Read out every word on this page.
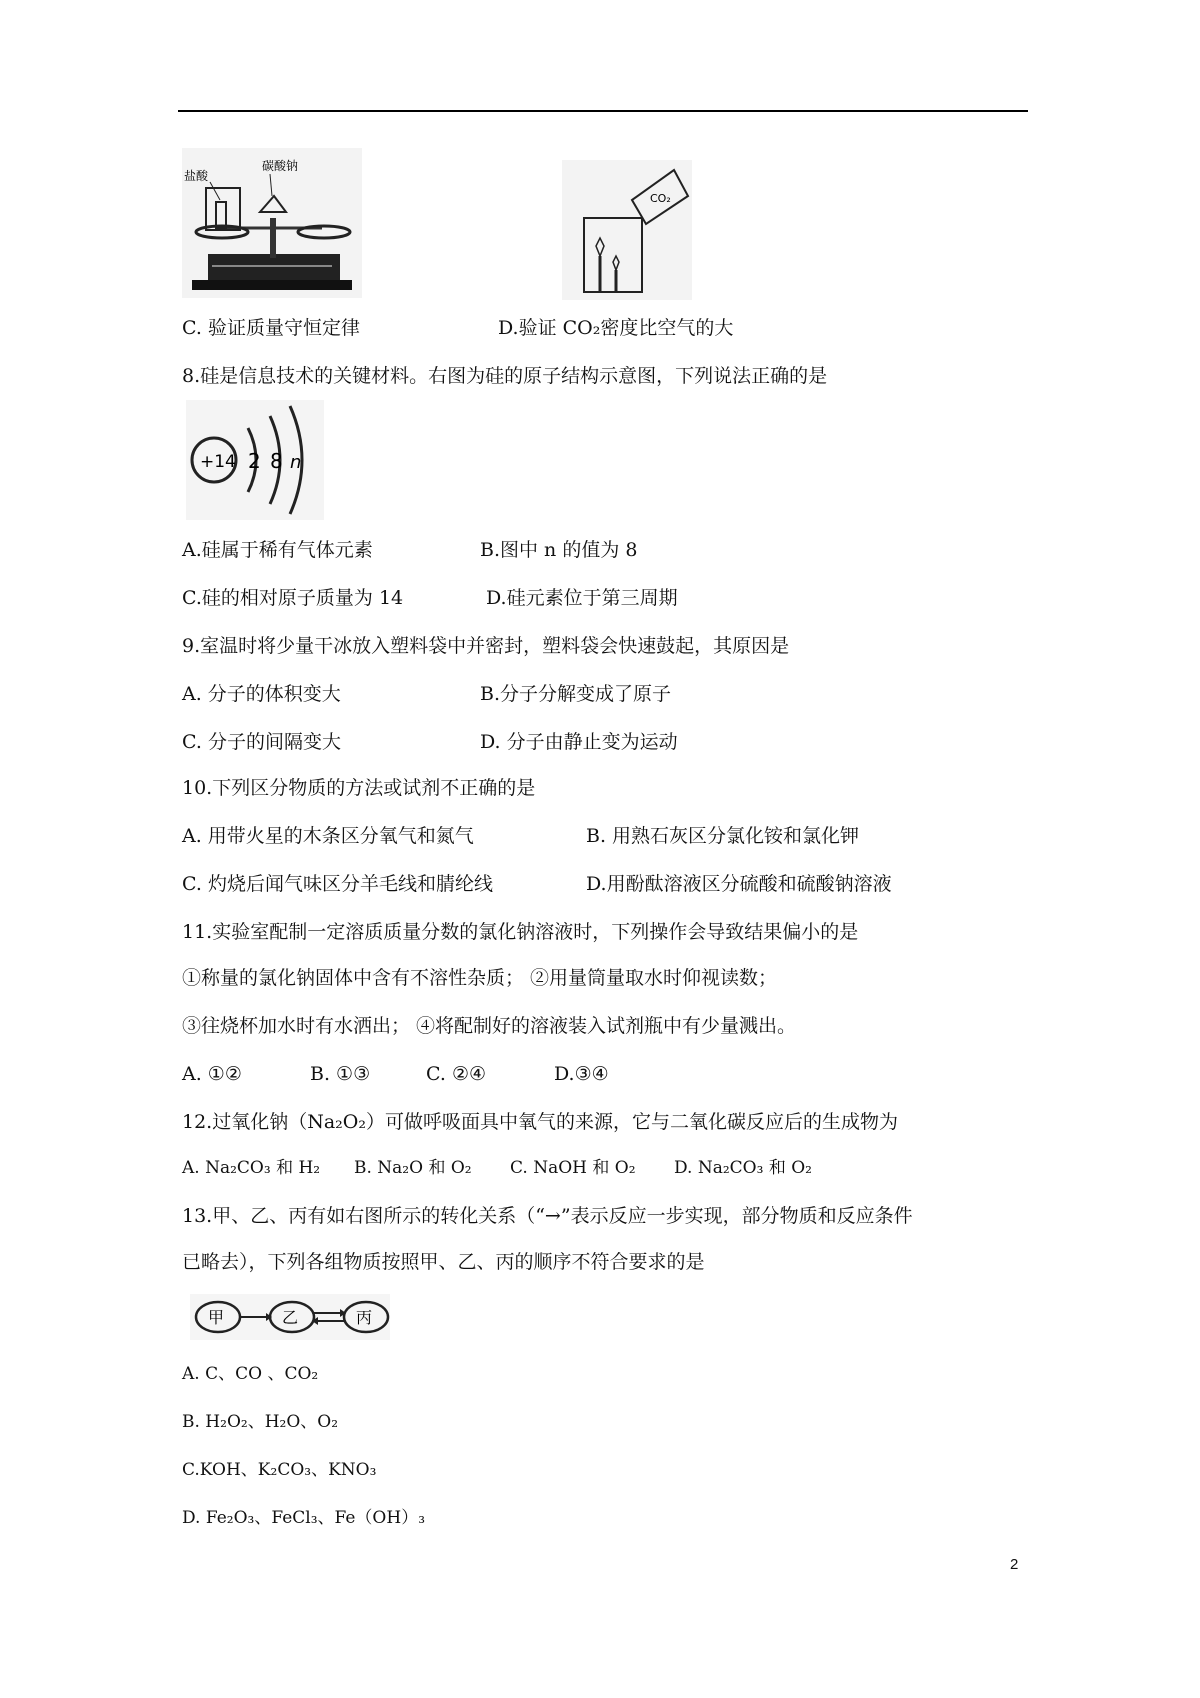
盐酸
碳酸钠
CO₂
C. 验证质量守恒定律	D.验证 CO₂密度比空气的大
8.硅是信息技术的关键材料。右图为硅的原子结构示意图，下列说法正确的是
+14 2 8 n
A.硅属于稀有气体元素	B.图中 n 的值为 8
C.硅的相对原子质量为 14	D.硅元素位于第三周期
9.室温时将少量干冰放入塑料袋中并密封，塑料袋会快速鼓起，其原因是
A. 分子的体积变大	B.分子分解变成了原子
C. 分子的间隔变大	D. 分子由静止变为运动
10.下列区分物质的方法或试剂不正确的是
A. 用带火星的木条区分氧气和氮气	B. 用熟石灰区分氯化铵和氯化钾
C. 灼烧后闻气味区分羊毛线和腈纶线	D.用酚酞溶液区分硫酸和硫酸钠溶液
11.实验室配制一定溶质质量分数的氯化钠溶液时，下列操作会导致结果偏小的是
①称量的氯化钠固体中含有不溶性杂质； ②用量筒量取水时仰视读数；
③往烧杯加水时有水洒出； ④将配制好的溶液装入试剂瓶中有少量溅出。
A. ①②	B. ①③	C. ②④	D.③④
12.过氧化钠（Na₂O₂）可做呼吸面具中氧气的来源，它与二氧化碳反应后的生成物为
A. Na₂CO₃ 和 H₂ B. Na₂O 和 O₂ C. NaOH 和 O₂ D. Na₂CO₃ 和 O₂
13.甲、乙、丙有如右图所示的转化关系（“→”表示反应一步实现，部分物质和反应条件
已略去），下列各组物质按照甲、乙、丙的顺序不符合要求的是
甲	乙	丙
A. C、CO 、CO₂
B. H₂O₂、H₂O、O₂
C.KOH、K₂CO₃、KNO₃
D. Fe₂O₃、FeCl₃、Fe（OH）₃
2
